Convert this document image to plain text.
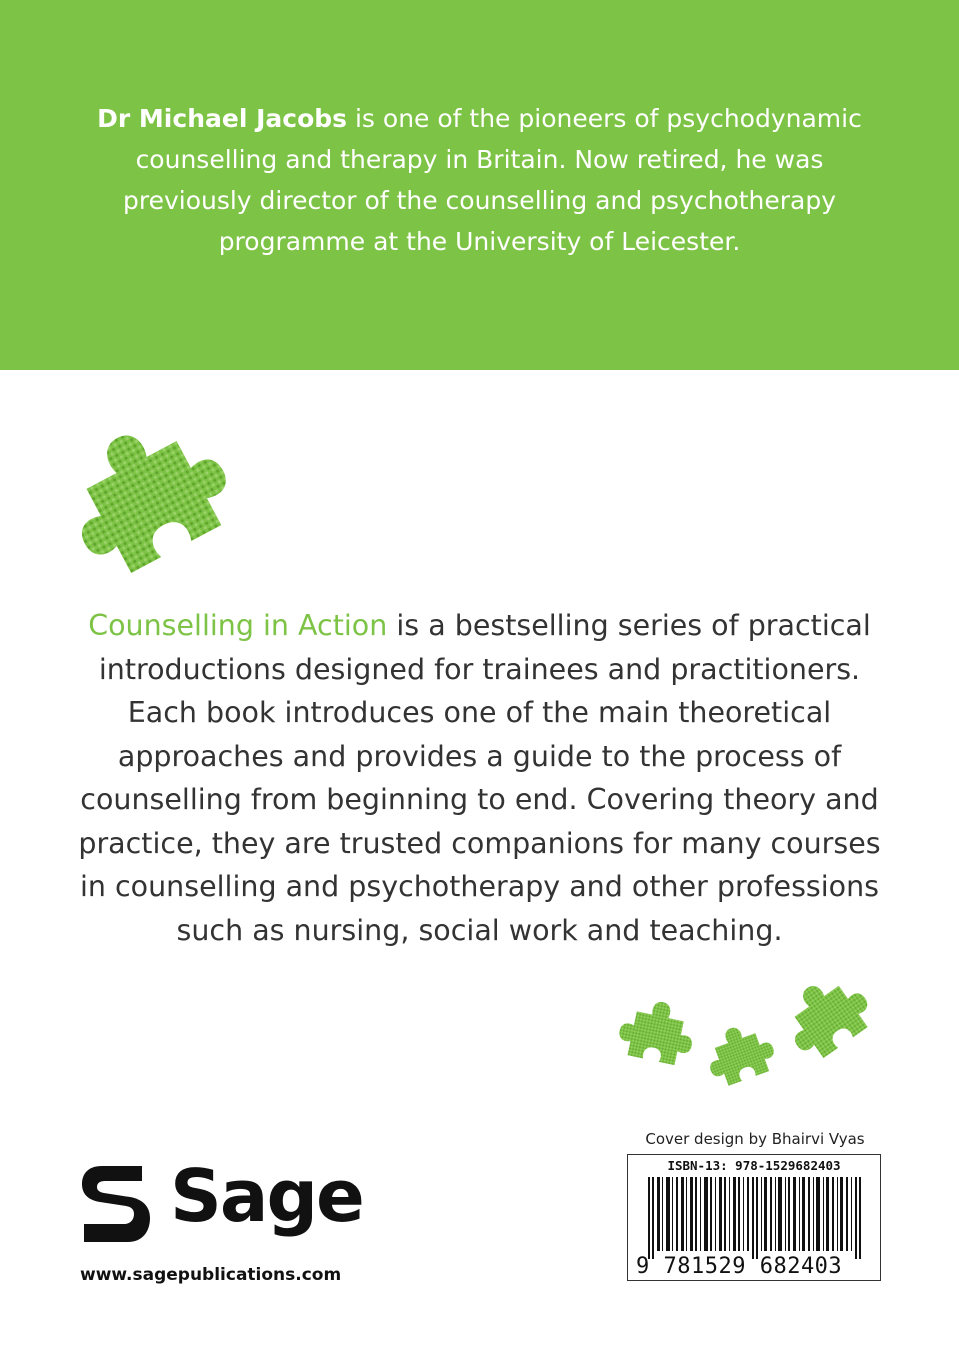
Dr Michael Jacobs is one of the pioneers of psychodynamic counselling and therapy in Britain. Now retired, he was previously director of the counselling and psychotherapy programme at the University of Leicester.
Counselling in Action is a bestselling series of practical introductions designed for trainees and practitioners. Each book introduces one of the main theoretical approaches and provides a guide to the process of counselling from beginning to end. Covering theory and practice, they are trusted companions for many courses in counselling and psychotherapy and other professions such as nursing, social work and teaching.
Sage
www.sagepublications.com
Cover design by Bhairvi Vyas
ISBN-13: 978-1529682403
9 781529 682403
